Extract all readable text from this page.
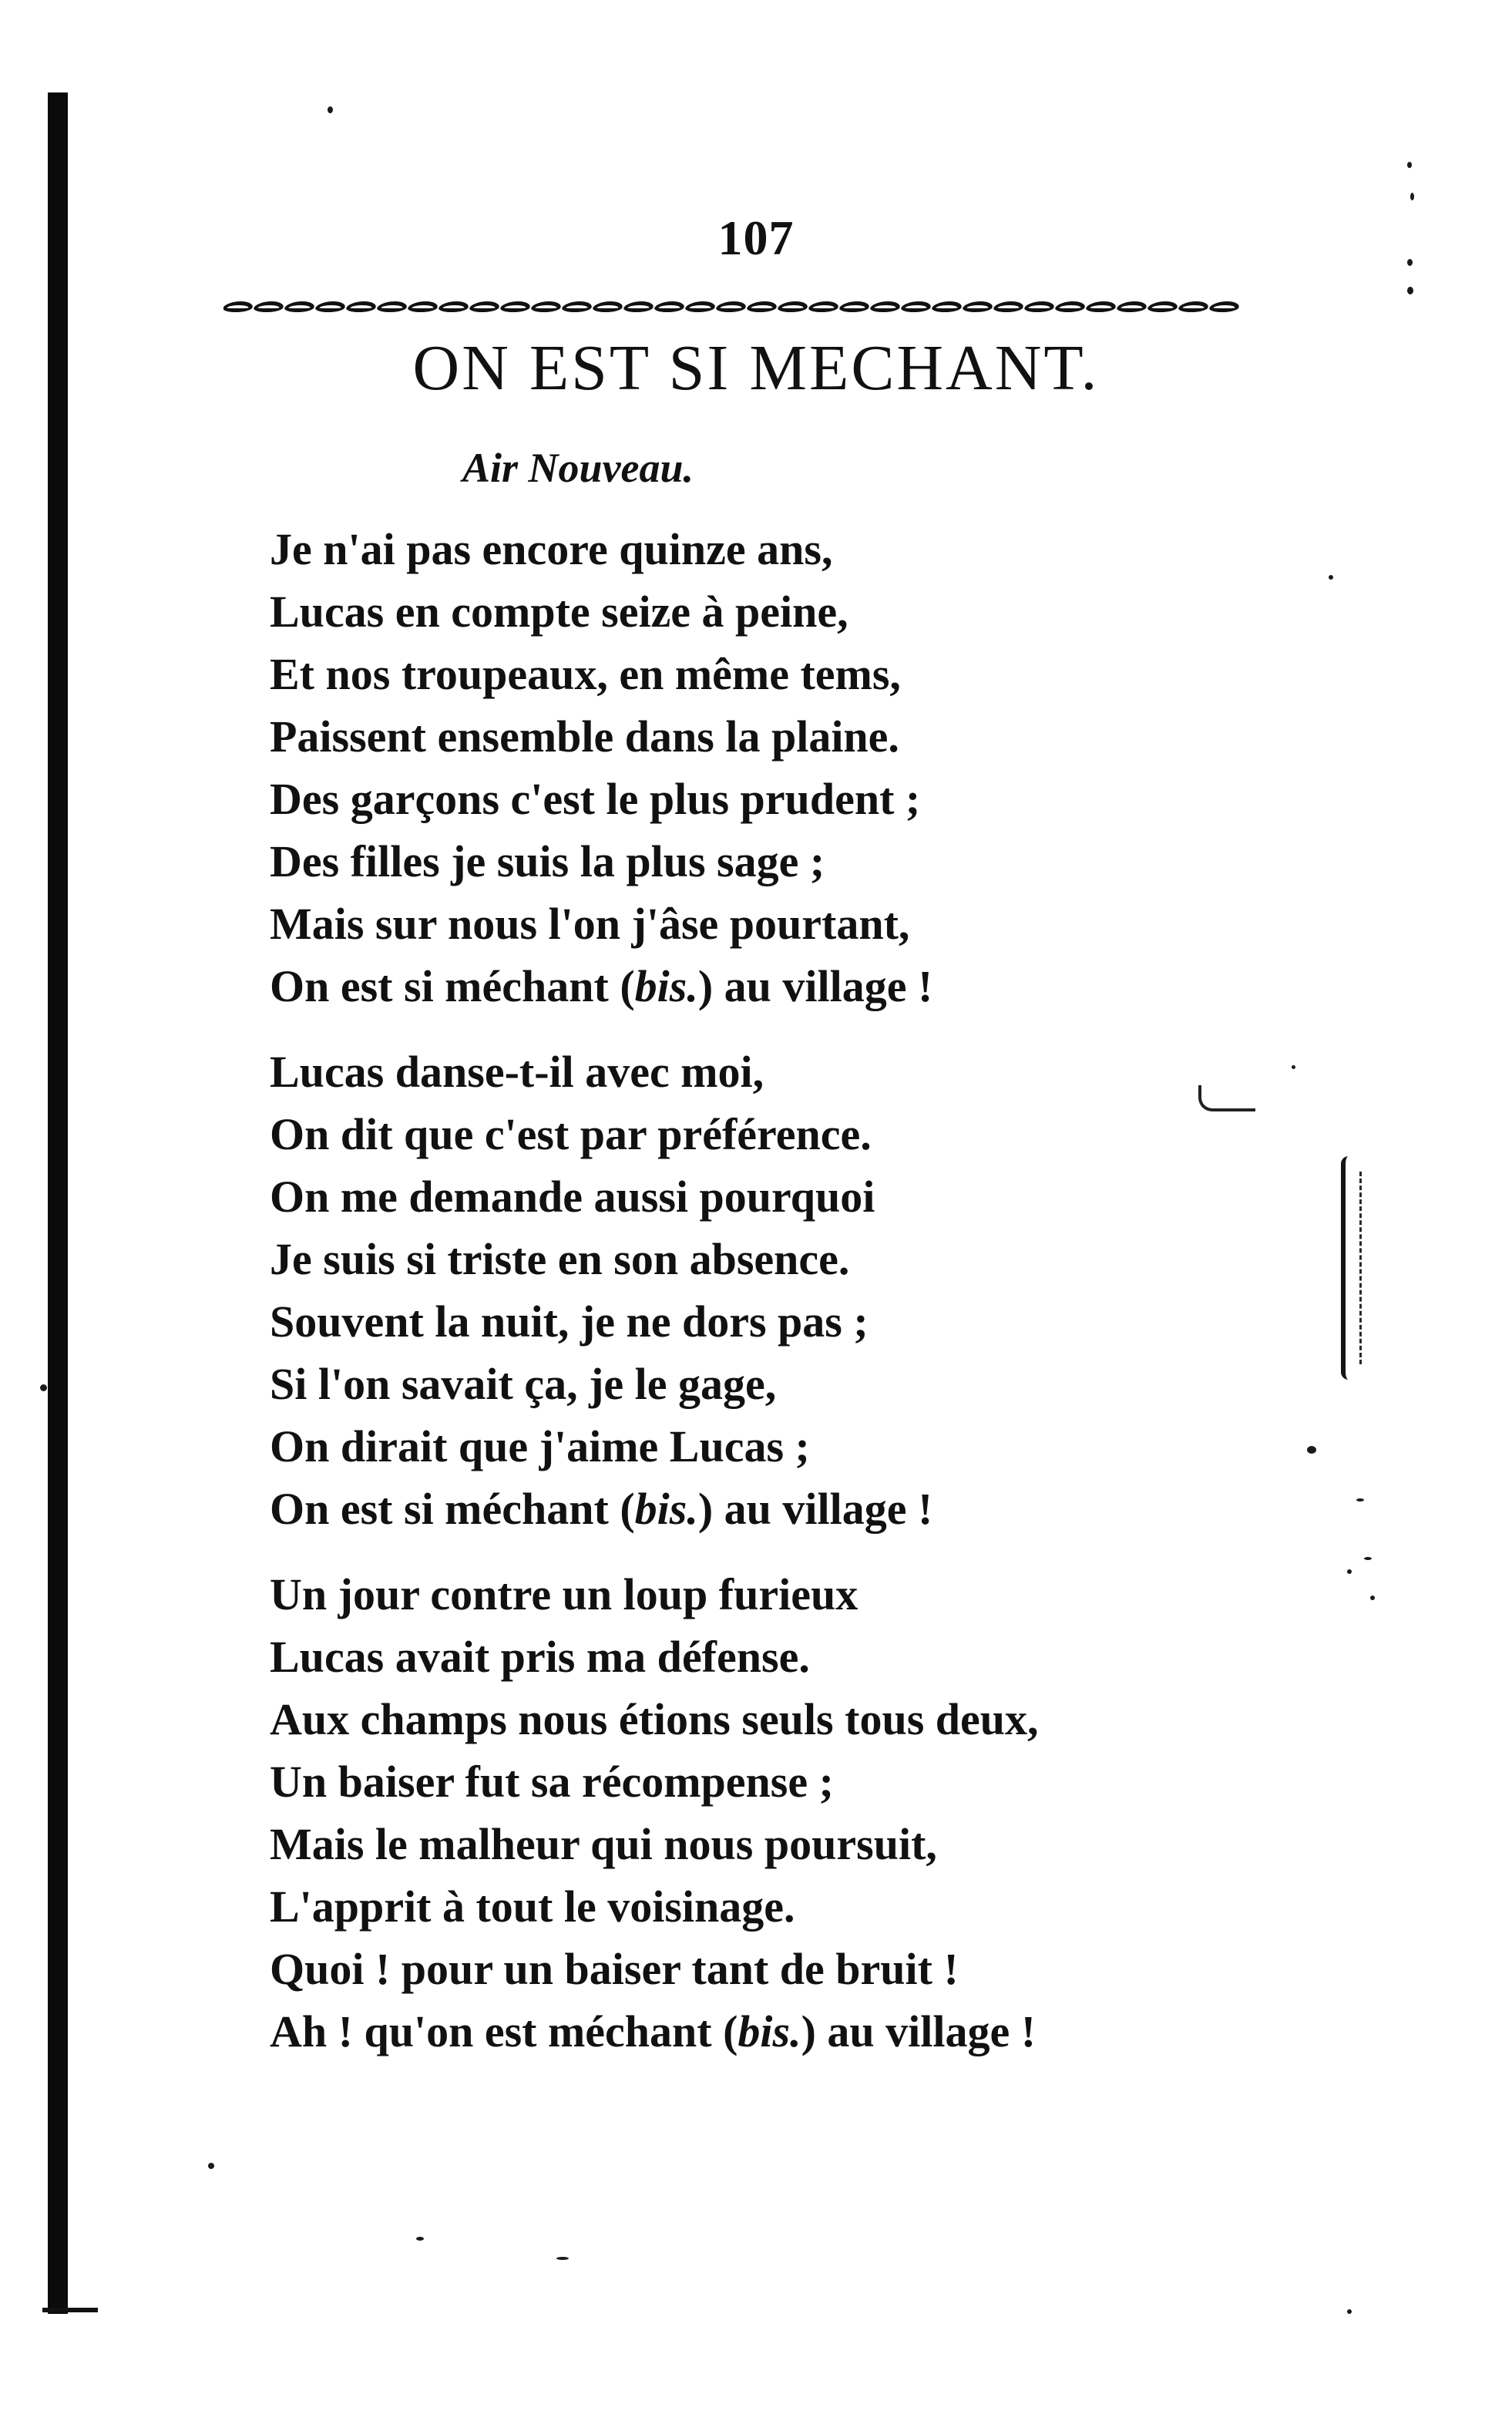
107
ON EST SI MECHANT.
Air Nouveau.
Je n'ai pas encore quinze ans,
Lucas en compte seize à peine,
Et nos troupeaux, en même tems,
Paissent ensemble dans la plaine.
Des garçons c'est le plus prudent ;
Des filles je suis la plus sage ;
Mais sur nous l'on j'âse pourtant,
On est si méchant (bis.) au village !
Lucas danse-t-il avec moi,
On dit que c'est par préférence.
On me demande aussi pourquoi
Je suis si triste en son absence.
Souvent la nuit, je ne dors pas ;
Si l'on savait ça, je le gage,
On dirait que j'aime Lucas ;
On est si méchant (bis.) au village !
Un jour contre un loup furieux
Lucas avait pris ma défense.
Aux champs nous étions seuls tous deux,
Un baiser fut sa récompense ;
Mais le malheur qui nous poursuit,
L'apprit à tout le voisinage.
Quoi ! pour un baiser tant de bruit !
Ah ! qu'on est méchant (bis.) au village !
